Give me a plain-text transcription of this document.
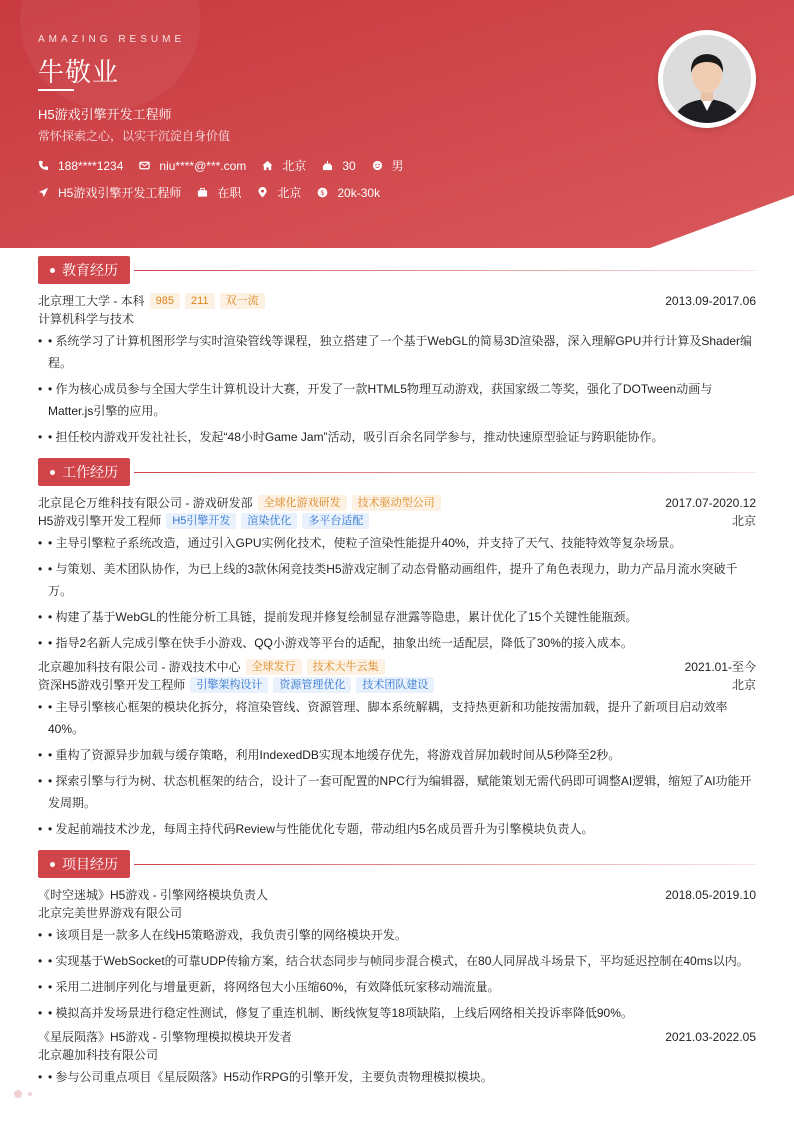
AMAZING RESUME
牛敬业
H5游戏引擎开发工程师
常怀探索之心，以实干沉淀自身价值
188****1234	niu****@***.com	北京	30	男
H5游戏引擎开发工程师	在职	北京 $ 20k-30k
教育经历
北京理工大学 - 本科	985	211	双一流	2013.09-2017.06
计算机科学与技术
• • 系统学习了计算机图形学与实时渲染管线等课程，独立搭建了一个基于WebGL的简易3D渲染器，深入理解GPU并行计算及Shader编程。
• • 作为核心成员参与全国大学生计算机设计大赛，开发了一款HTML5物理互动游戏，获国家级二等奖，强化了DOTween动画与Matter.js引擎的应用。
• • 担任校内游戏开发社社长，发起“48小时Game Jam”活动，吸引百余名同学参与，推动快速原型验证与跨职能协作。
工作经历
北京昆仑万维科技有限公司 - 游戏研发部	全球化游戏研发	技术驱动型公司	2017.07-2020.12
H5游戏引擎开发工程师	H5引擎开发	渲染优化	多平台适配	北京
• • 主导引擎粒子系统改造，通过引入GPU实例化技术，使粒子渲染性能提升40%，并支持了天气、技能特效等复杂场景。
• • 与策划、美术团队协作，为已上线的3款休闲竞技类H5游戏定制了动态骨骼动画组件，提升了角色表现力，助力产品月流水突破千万。
• • 构建了基于WebGL的性能分析工具链，提前发现并修复绘制显存泄露等隐患，累计优化了15个关键性能瓶颈。
• • 指导2名新人完成引擎在快手小游戏、QQ小游戏等平台的适配，抽象出统一适配层，降低了30%的接入成本。
北京趣加科技有限公司 - 游戏技术中心	全球发行	技术大牛云集	2021.01-至今
资深H5游戏引擎开发工程师	引擎架构设计	资源管理优化	技术团队建设	北京
• • 主导引擎核心框架的模块化拆分，将渲染管线、资源管理、脚本系统解耦，支持热更新和功能按需加载，提升了新项目启动效率40%。
• • 重构了资源异步加载与缓存策略，利用IndexedDB实现本地缓存优先，将游戏首屏加载时间从5秒降至2秒。
• • 探索引擎与行为树、状态机框架的结合，设计了一套可配置的NPC行为编辑器，赋能策划无需代码即可调整AI逻辑，缩短了AI功能开发周期。
• • 发起前端技术沙龙，每周主持代码Review与性能优化专题，带动组内5名成员晋升为引擎模块负责人。
项目经历
《时空迷城》H5游戏 - 引擎网络模块负责人	2018.05-2019.10
北京完美世界游戏有限公司
• • 该项目是一款多人在线H5策略游戏，我负责引擎的网络模块开发。
• • 实现基于WebSocket的可靠UDP传输方案，结合状态同步与帧同步混合模式，在80人同屏战斗场景下，平均延迟控制在40ms以内。
• • 采用二进制序列化与增量更新，将网络包大小压缩60%，有效降低玩家移动端流量。
• • 模拟高并发场景进行稳定性测试，修复了重连机制、断线恢复等18项缺陷，上线后网络相关投诉率降低90%。
《星辰陨落》H5游戏 - 引擎物理模拟模块开发者	2021.03-2022.05
北京趣加科技有限公司
• • 参与公司重点项目《星辰陨落》H5动作RPG的引擎开发，主要负责物理模拟模块。
